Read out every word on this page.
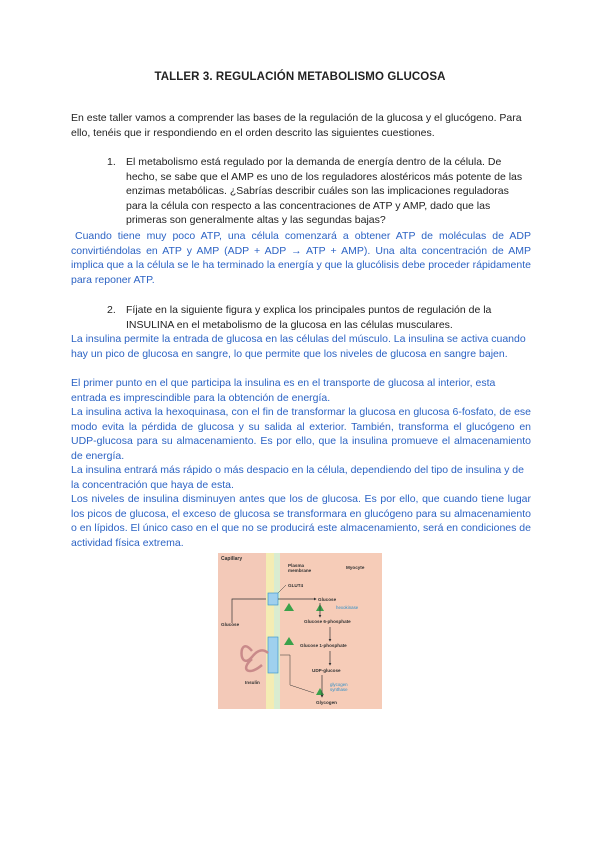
TALLER 3. REGULACIÓN METABOLISMO GLUCOSA

En este taller vamos a comprender las bases de la regulación de la glucosa y el glucógeno. Para ello, tenéis que ir respondiendo en el orden descrito las siguientes cuestiones.

1. El metabolismo está regulado por la demanda de energía dentro de la célula. De hecho, se sabe que el AMP es uno de los reguladores alostéricos más potente de las enzimas metabólicas. ¿Sabrías describir cuáles son las implicaciones reguladoras para la célula con respecto a las concentraciones de ATP y AMP, dado que las primeras son generalmente altas y las segundas bajas?

Cuando tiene muy poco ATP, una célula comenzará a obtener ATP de moléculas de ADP convirtiéndolas en ATP y AMP (ADP + ADP → ATP + AMP). Una alta concentración de AMP implica que a la célula se le ha terminado la energía y que la glucólisis debe proceder rápidamente para reponer ATP.

2. Fíjate en la siguiente figura y explica los principales puntos de regulación de la INSULINA en el metabolismo de la glucosa en las células musculares.

La insulina permite la entrada de glucosa en las células del músculo. La insulina se activa cuando hay un pico de glucosa en sangre, lo que permite que los niveles de glucosa en sangre bajen.

El primer punto en el que participa la insulina es en el transporte de glucosa al interior, esta entrada es imprescindible para la obtención de energía.

La insulina activa la hexoquinasa, con el fin de transformar la glucosa en glucosa 6-fosfato, de ese modo evita la pérdida de glucosa y su salida al exterior. También, transforma el glucógeno en UDP-glucosa para su almacenamiento. Es por ello, que la insulina promueve el almacenamiento de energía.

La insulina entrará más rápido o más despacio en la célula, dependiendo del tipo de insulina y de la concentración que haya de esta.

Los niveles de insulina disminuyen antes que los de glucosa. Es por ello, que cuando tiene lugar los picos de glucosa, el exceso de glucosa se transformara en glucógeno para su almacenamiento o en lípidos. El único caso en el que no se producirá este almacenamiento, será en condiciones de actividad física extrema.

Capillary
Plasma
membrane
Myocyte
GLUT4
Glucose
Glucose
hexokinase
Glucose 6-phosphate
Glucose 1-phosphate
UDP-glucose
glycogen
synthase
Glycogen
Insulin
